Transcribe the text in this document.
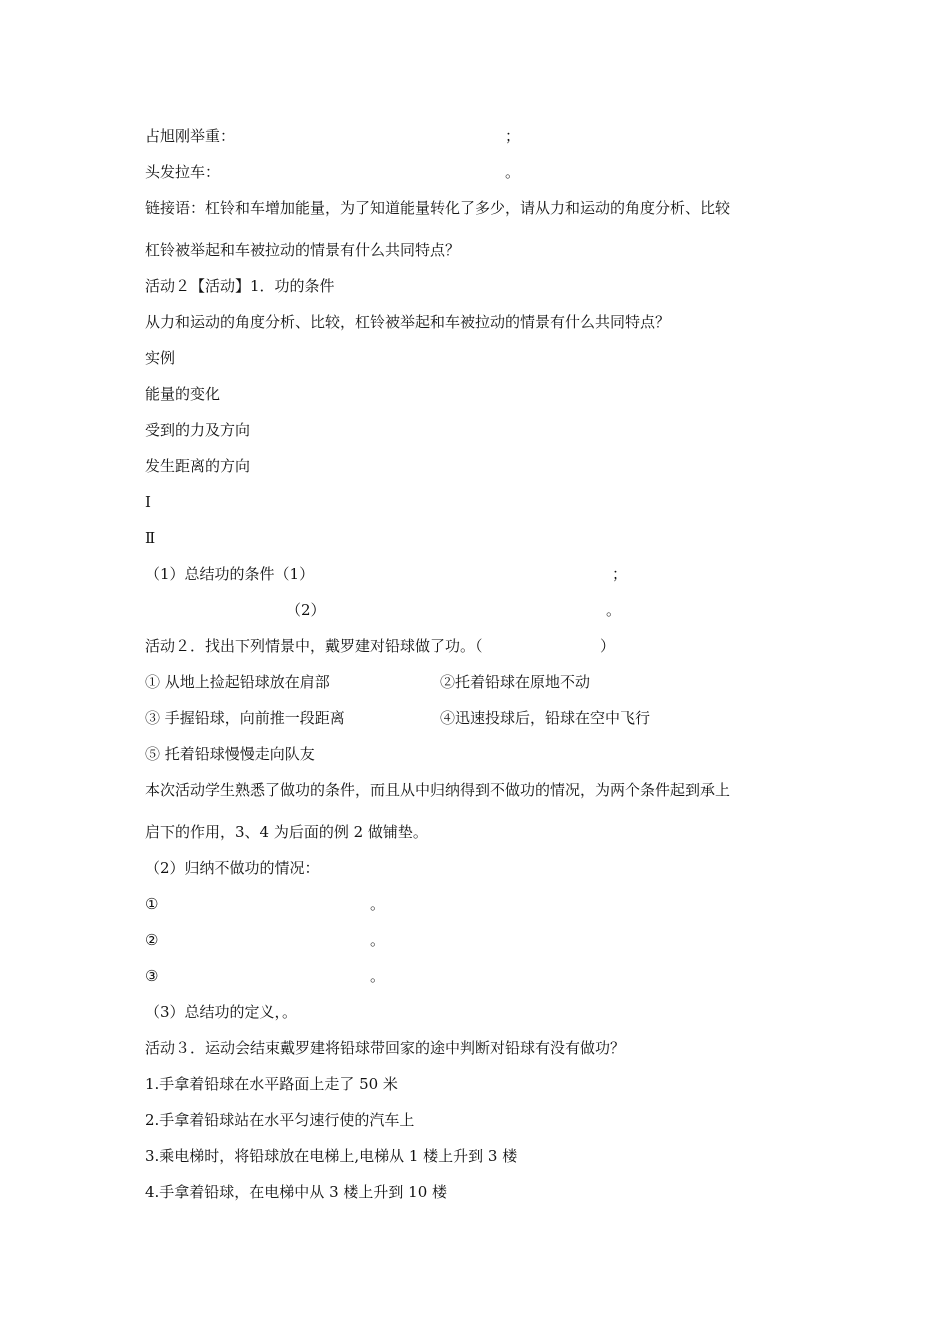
占旭刚举重：	；
头发拉车：	。
链接语：杠铃和车增加能量，为了知道能量转化了多少，请从力和运动的角度分析、比较
杠铃被举起和车被拉动的情景有什么共同特点？
活动２【活动】1．功的条件
从力和运动的角度分析、比较，杠铃被举起和车被拉动的情景有什么共同特点？
实例
能量的变化
受到的力及方向
发生距离的方向
Ⅰ
Ⅱ
（1）总结功的条件（1）	；
（2）	。
活动２．找出下列情景中，戴罗建对铅球做了功。（	）
① 从地上捡起铅球放在肩部	②托着铅球在原地不动
③ 手握铅球，向前推一段距离	④迅速投球后，铅球在空中飞行
⑤ 托着铅球慢慢走向队友
本次活动学生熟悉了做功的条件，而且从中归纳得到不做功的情况，为两个条件起到承上
启下的作用，3、4 为后面的例 2 做铺垫。
（2）归纳不做功的情况：
①	。
②	。
③	。
（3）总结功的定义，。
活动３．运动会结束戴罗建将铅球带回家的途中判断对铅球有没有做功？
1.手拿着铅球在水平路面上走了 50 米
2.手拿着铅球站在水平匀速行使的汽车上
3.乘电梯时，将铅球放在电梯上,电梯从 1 楼上升到 3 楼
4.手拿着铅球，在电梯中从 3 楼上升到 10 楼
